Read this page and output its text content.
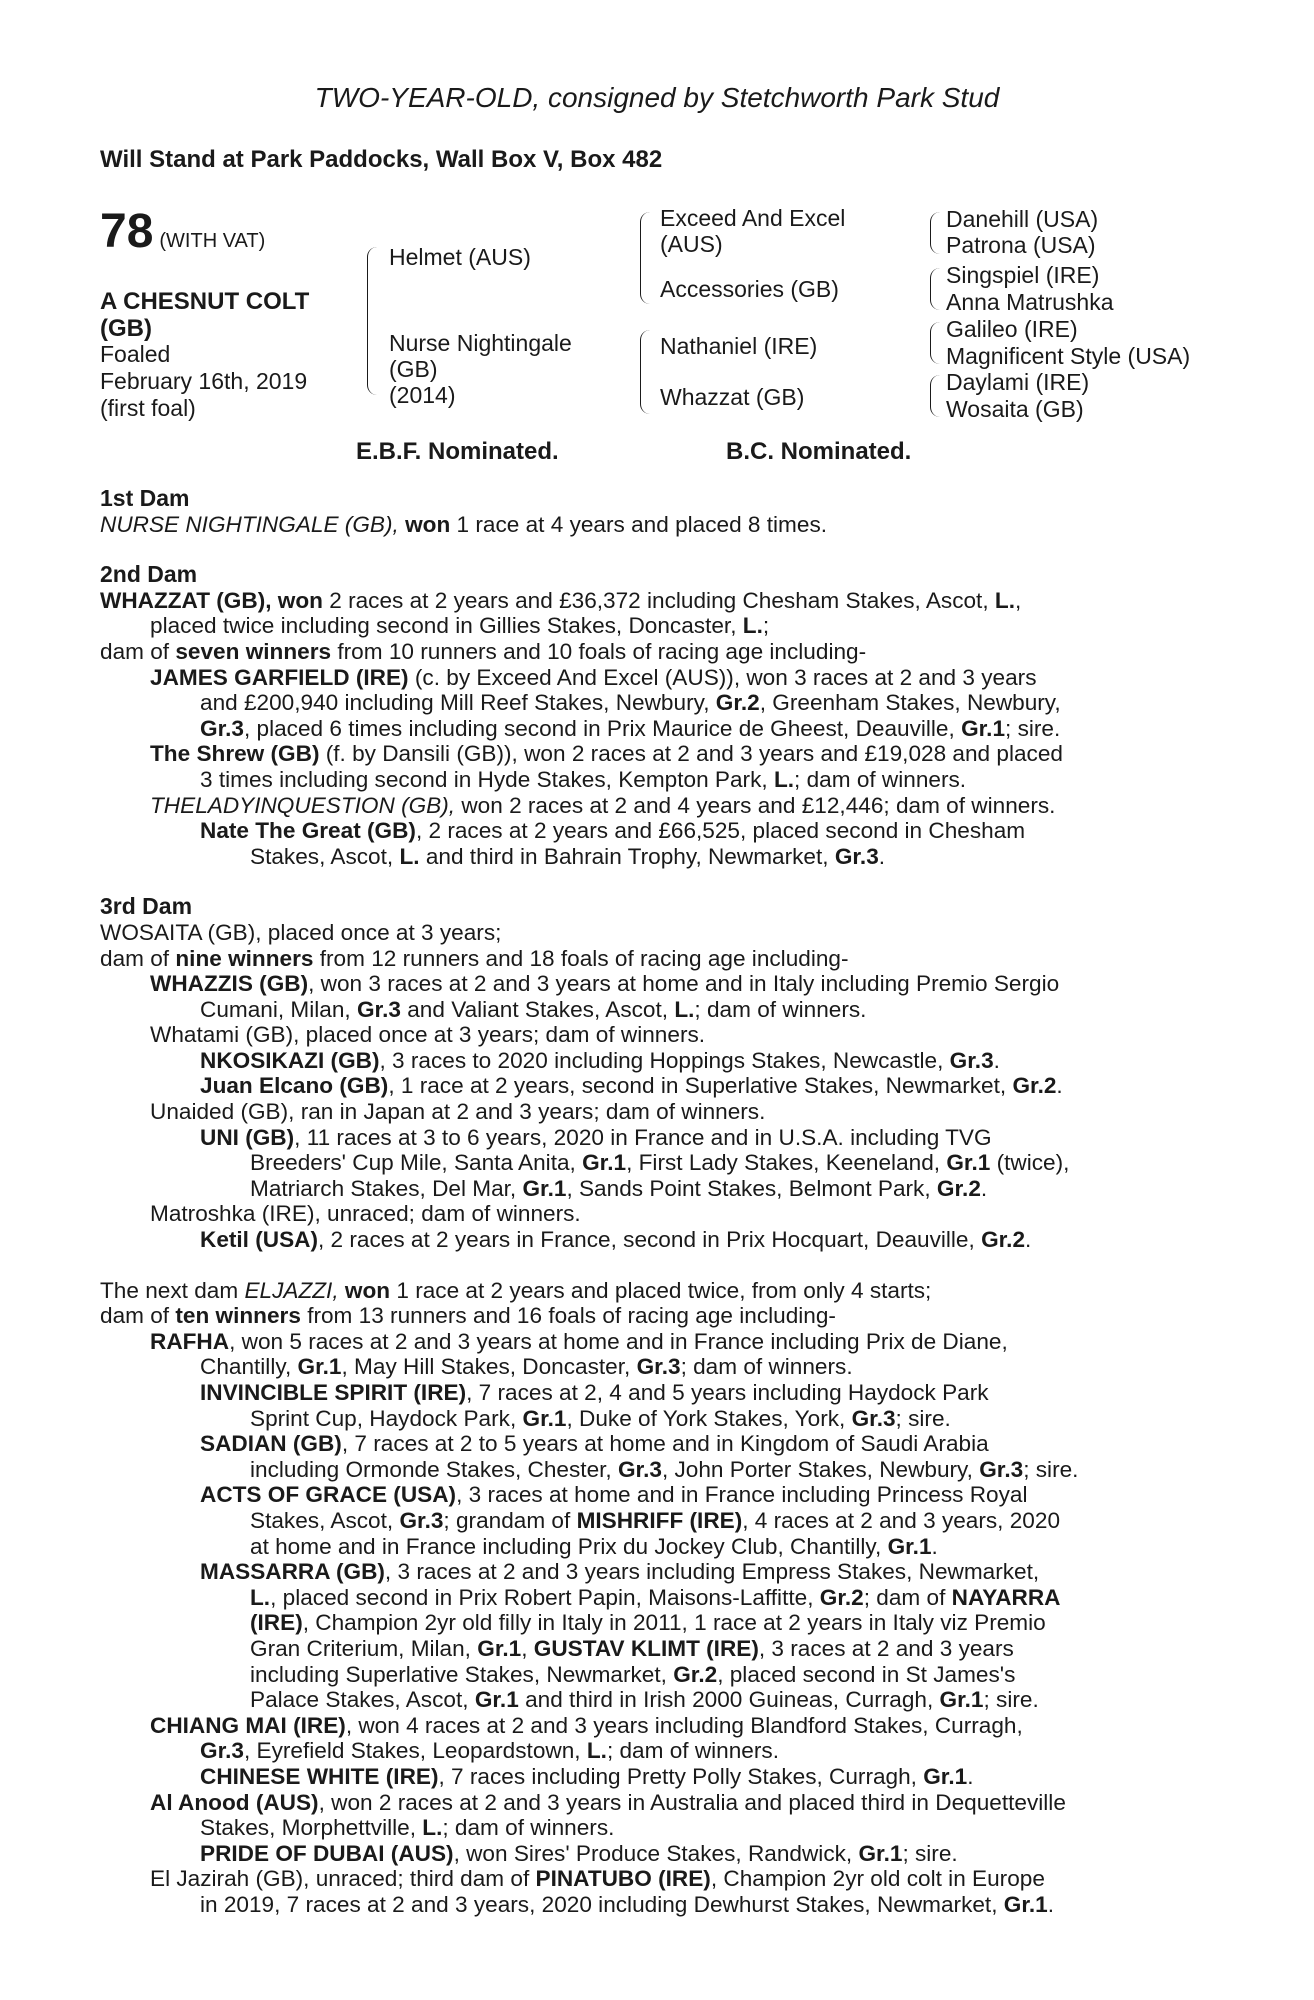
TWO-YEAR-OLD, consigned by Stetchworth Park Stud
Will Stand at Park Paddocks, Wall Box V, Box 482
78 (WITH VAT)
A CHESNUT COLT
(GB)
Foaled
February 16th, 2019
(first foal)
Helmet (AUS)
Nurse Nightingale
(GB)
(2014)
Exceed And Excel
(AUS)
Accessories (GB)
Nathaniel (IRE)
Whazzat (GB)
Danehill (USA)
Patrona (USA)
Singspiel (IRE)
Anna Matrushka
Galileo (IRE)
Magnificent Style (USA)
Daylami (IRE)
Wosaita (GB)
E.B.F. Nominated.	B.C. Nominated.

1st Dam

NURSE NIGHTINGALE (GB), won 1 race at 4 years and placed 8 times.

2nd Dam

WHAZZAT (GB), won 2 races at 2 years and £36,372 including Chesham Stakes, Ascot, L.,

placed twice including second in Gillies Stakes, Doncaster, L.;

dam of seven winners from 10 runners and 10 foals of racing age including-

JAMES GARFIELD (IRE) (c. by Exceed And Excel (AUS)), won 3 races at 2 and 3 years

and £200,940 including Mill Reef Stakes, Newbury, Gr.2, Greenham Stakes, Newbury,

Gr.3, placed 6 times including second in Prix Maurice de Gheest, Deauville, Gr.1; sire.

The Shrew (GB) (f. by Dansili (GB)), won 2 races at 2 and 3 years and £19,028 and placed

3 times including second in Hyde Stakes, Kempton Park, L.; dam of winners.

THELADYINQUESTION (GB), won 2 races at 2 and 4 years and £12,446; dam of winners.

Nate The Great (GB), 2 races at 2 years and £66,525, placed second in Chesham

Stakes, Ascot, L. and third in Bahrain Trophy, Newmarket, Gr.3.

3rd Dam

WOSAITA (GB), placed once at 3 years;

dam of nine winners from 12 runners and 18 foals of racing age including-

WHAZZIS (GB), won 3 races at 2 and 3 years at home and in Italy including Premio Sergio

Cumani, Milan, Gr.3 and Valiant Stakes, Ascot, L.; dam of winners.

Whatami (GB), placed once at 3 years; dam of winners.

NKOSIKAZI (GB), 3 races to 2020 including Hoppings Stakes, Newcastle, Gr.3.

Juan Elcano (GB), 1 race at 2 years, second in Superlative Stakes, Newmarket, Gr.2.

Unaided (GB), ran in Japan at 2 and 3 years; dam of winners.

UNI (GB), 11 races at 3 to 6 years, 2020 in France and in U.S.A. including TVG

Breeders' Cup Mile, Santa Anita, Gr.1, First Lady Stakes, Keeneland, Gr.1 (twice),

Matriarch Stakes, Del Mar, Gr.1, Sands Point Stakes, Belmont Park, Gr.2.

Matroshka (IRE), unraced; dam of winners.

Ketil (USA), 2 races at 2 years in France, second in Prix Hocquart, Deauville, Gr.2.

The next dam ELJAZZI, won 1 race at 2 years and placed twice, from only 4 starts;

dam of ten winners from 13 runners and 16 foals of racing age including-

RAFHA, won 5 races at 2 and 3 years at home and in France including Prix de Diane,

Chantilly, Gr.1, May Hill Stakes, Doncaster, Gr.3; dam of winners.

INVINCIBLE SPIRIT (IRE), 7 races at 2, 4 and 5 years including Haydock Park

Sprint Cup, Haydock Park, Gr.1, Duke of York Stakes, York, Gr.3; sire.

SADIAN (GB), 7 races at 2 to 5 years at home and in Kingdom of Saudi Arabia

including Ormonde Stakes, Chester, Gr.3, John Porter Stakes, Newbury, Gr.3; sire.

ACTS OF GRACE (USA), 3 races at home and in France including Princess Royal

Stakes, Ascot, Gr.3; grandam of MISHRIFF (IRE), 4 races at 2 and 3 years, 2020

at home and in France including Prix du Jockey Club, Chantilly, Gr.1.

MASSARRA (GB), 3 races at 2 and 3 years including Empress Stakes, Newmarket,

L., placed second in Prix Robert Papin, Maisons-Laffitte, Gr.2; dam of NAYARRA

(IRE), Champion 2yr old filly in Italy in 2011, 1 race at 2 years in Italy viz Premio

Gran Criterium, Milan, Gr.1, GUSTAV KLIMT (IRE), 3 races at 2 and 3 years

including Superlative Stakes, Newmarket, Gr.2, placed second in St James's

Palace Stakes, Ascot, Gr.1 and third in Irish 2000 Guineas, Curragh, Gr.1; sire.

CHIANG MAI (IRE), won 4 races at 2 and 3 years including Blandford Stakes, Curragh,

Gr.3, Eyrefield Stakes, Leopardstown, L.; dam of winners.

CHINESE WHITE (IRE), 7 races including Pretty Polly Stakes, Curragh, Gr.1.

Al Anood (AUS), won 2 races at 2 and 3 years in Australia and placed third in Dequetteville

Stakes, Morphettville, L.; dam of winners.

PRIDE OF DUBAI (AUS), won Sires' Produce Stakes, Randwick, Gr.1; sire.

El Jazirah (GB), unraced; third dam of PINATUBO (IRE), Champion 2yr old colt in Europe

in 2019, 7 races at 2 and 3 years, 2020 including Dewhurst Stakes, Newmarket, Gr.1.
